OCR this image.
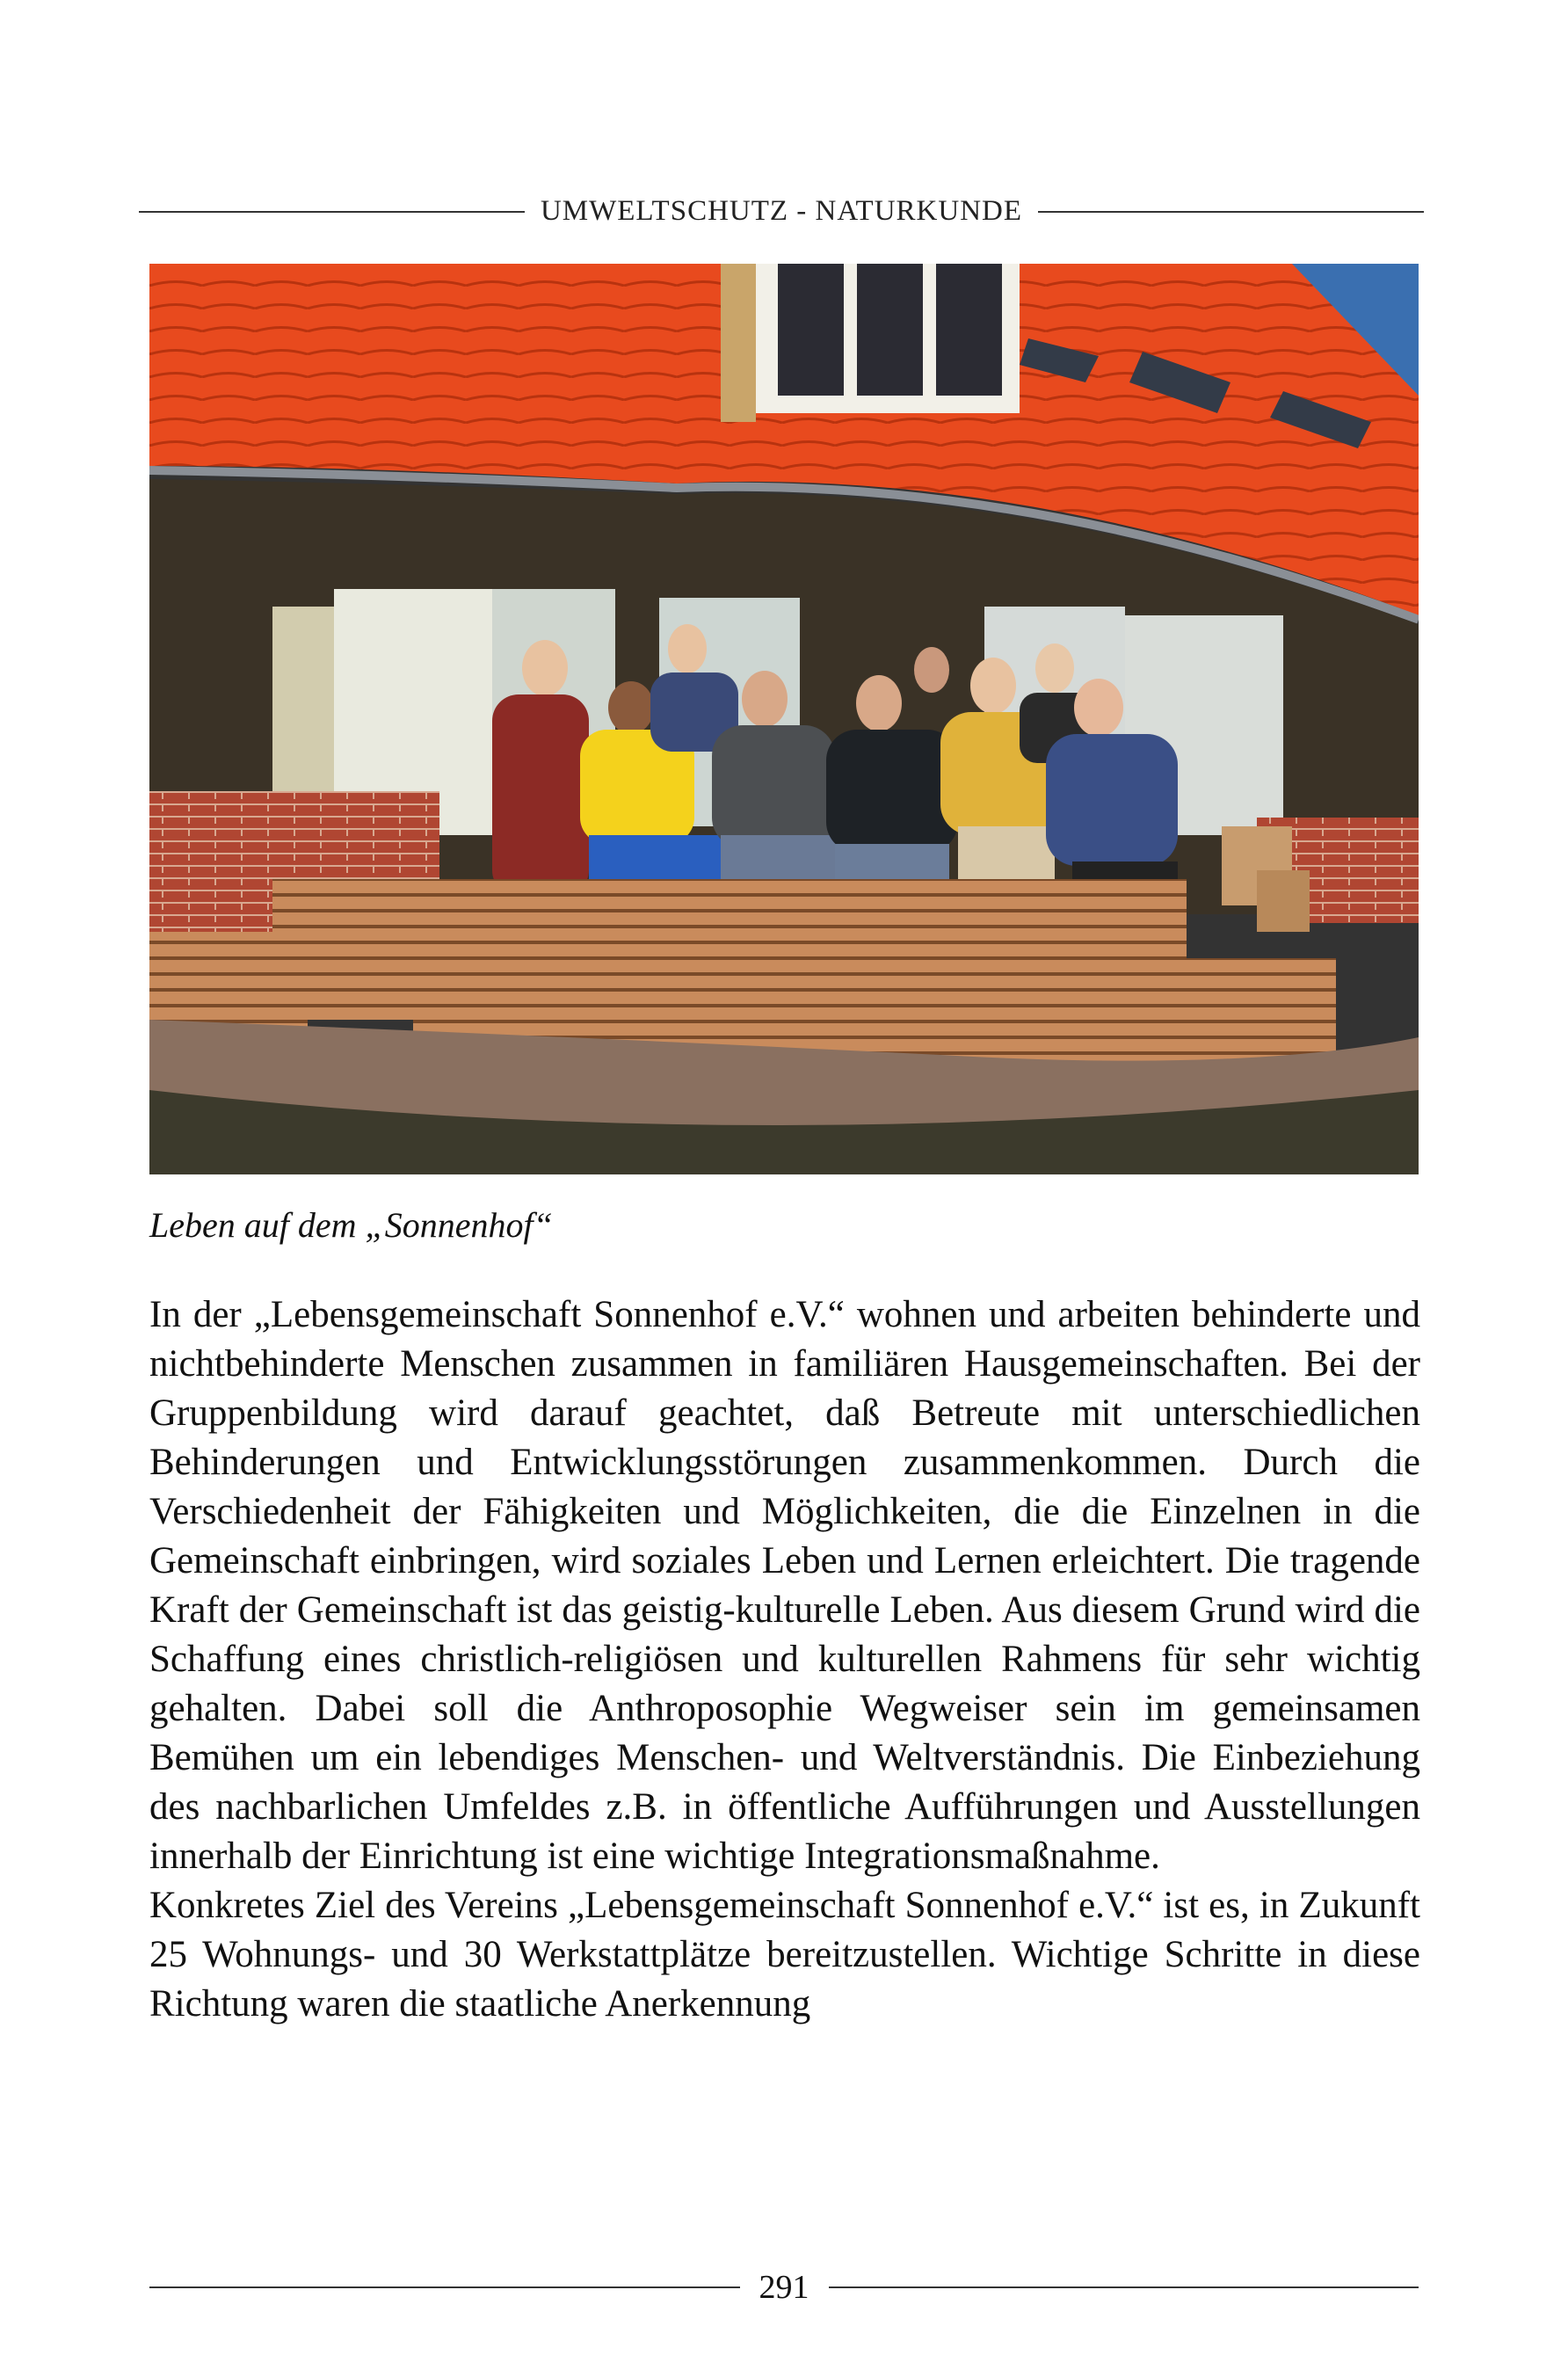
UMWELTSCHUTZ - NATURKUNDE
Leben auf dem „Sonnenhof“

In der „Lebensgemeinschaft Sonnenhof e.V.“ wohnen und arbeiten behinderte und nichtbehinderte Menschen zusammen in familiären Hausgemeinschaften. Bei der Gruppenbildung wird darauf geachtet, daß Betreute mit unterschiedlichen Behinderungen und Entwicklungsstörungen zusammenkommen. Durch die Verschiedenheit der Fähigkeiten und Möglichkeiten, die die Einzelnen in die Gemeinschaft einbringen, wird soziales Leben und Lernen erleichtert. Die tragende Kraft der Gemeinschaft ist das geistig-kulturelle Leben. Aus diesem Grund wird die Schaffung eines christlich-religiösen und kulturellen Rahmens für sehr wichtig gehalten. Dabei soll die Anthroposophie Wegweiser sein im gemeinsamen Bemühen um ein lebendiges Menschen- und Weltverständnis. Die Einbeziehung des nachbarlichen Umfeldes z.B. in öffentliche Aufführungen und Ausstellungen innerhalb der Einrichtung ist eine wichtige Integrationsmaßnahme.

Konkretes Ziel des Vereins „Lebensgemeinschaft Sonnenhof e.V.“ ist es, in Zukunft 25 Wohnungs- und 30 Werkstattplätze bereitzustellen. Wichtige Schritte in diese Richtung waren die staatliche Anerkennung

291
